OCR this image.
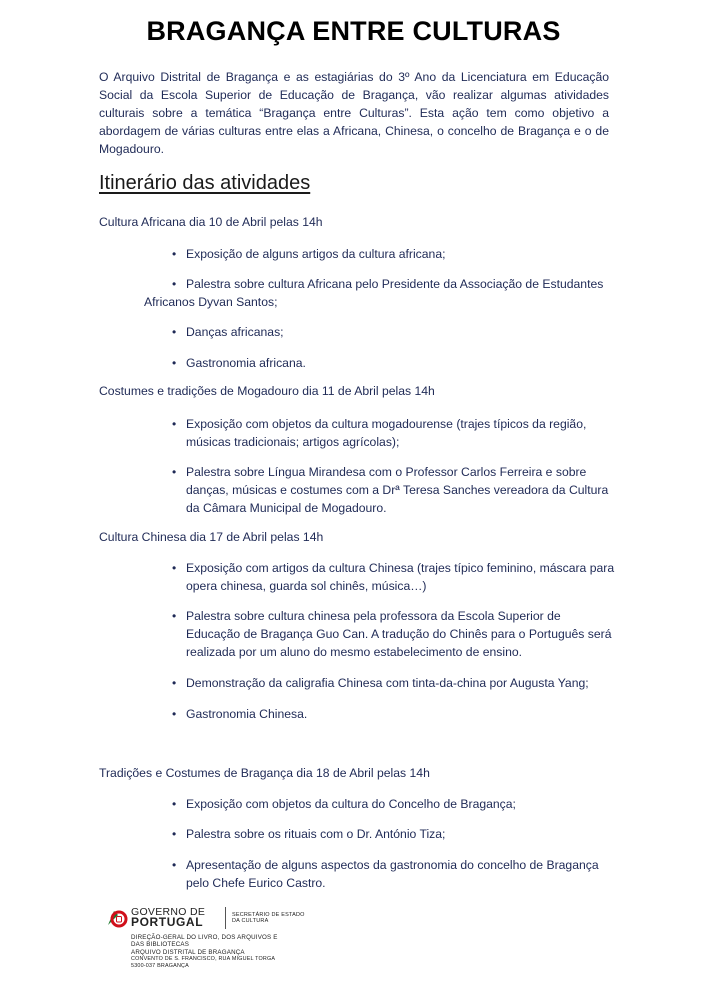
BRAGANÇA ENTRE CULTURAS
O Arquivo Distrital de Bragança e as estagiárias do 3º Ano da Licenciatura em Educação Social da Escola Superior de Educação de Bragança, vão realizar algumas atividades culturais sobre a temática “Bragança entre Culturas”. Esta ação tem como objetivo a abordagem de várias culturas entre elas a Africana, Chinesa, o concelho de Bragança e o de Mogadouro.
Itinerário das atividades
Cultura Africana dia 10 de Abril pelas 14h
• Exposição de alguns artigos da cultura africana;
• Palestra sobre cultura Africana pelo Presidente da Associação de Estudantes Africanos Dyvan Santos;
• Danças africanas;
• Gastronomia africana.
Costumes e tradições de Mogadouro dia 11 de Abril pelas 14h
• Exposição com objetos da cultura mogadourense (trajes típicos da região, músicas tradicionais; artigos agrícolas);
• Palestra sobre Língua Mirandesa com o Professor Carlos Ferreira e sobre danças, músicas e costumes com a Drª Teresa Sanches vereadora da Cultura da Câmara Municipal de Mogadouro.
Cultura Chinesa dia 17 de Abril pelas 14h
• Exposição com artigos da cultura Chinesa (trajes típico feminino, máscara para opera chinesa, guarda sol chinês, música…)
• Palestra sobre cultura chinesa pela professora da Escola Superior de Educação de Bragança Guo Can. A tradução do Chinês para o Português será realizada por um aluno do mesmo estabelecimento de ensino.
• Demonstração da caligrafia Chinesa com tinta-da-china por Augusta Yang;
• Gastronomia Chinesa.
Tradições e Costumes de Bragança dia 18 de Abril pelas 14h
• Exposição com objetos da cultura do Concelho de Bragança;
• Palestra sobre os rituais com o Dr. António Tiza;
• Apresentação de alguns aspectos da gastronomia do concelho de Bragança pelo Chefe Eurico Castro.
GOVERNO DE
PORTUGAL	SECRETÁRIO DE ESTADO
DA CULTURA
DIREÇÃO-GERAL DO LIVRO, DOS ARQUIVOS E
DAS BIBLIOTECAS
ARQUIVO DISTRITAL DE BRAGANÇA
CONVENTO DE S. FRANCISCO, RUA MIGUEL TORGA
5300-037 BRAGANÇA
